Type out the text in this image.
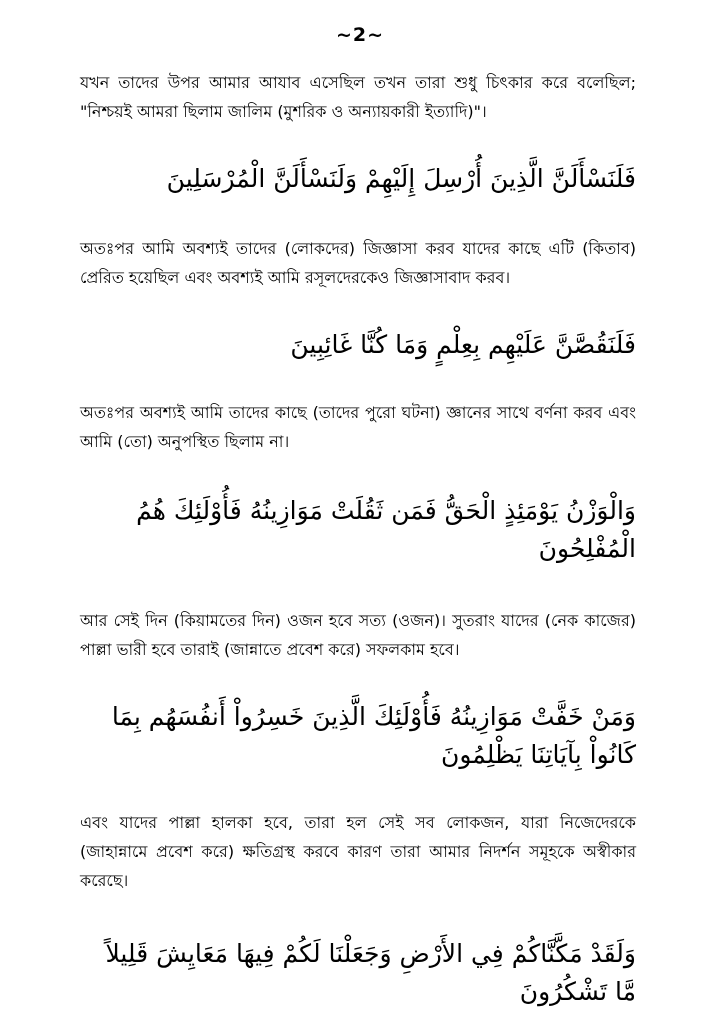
~2~

যখন তাদের উপর আমার আযাব এসেছিল তখন তারা শুধু চিৎকার করে বলেছিল; "নিশ্চয়ই আমরা ছিলাম জালিম (মুশরিক ও অন্যায়কারী ইত্যাদি)"।

فَلَنَسْأَلَنَّ الَّذِينَ أُرْسِلَ إِلَيْهِمْ وَلَنَسْأَلَنَّ الْمُرْسَلِينَ

অতঃপর আমি অবশ্যই তাদের (লোকদের) জিজ্ঞাসা করব যাদের কাছে এটি (কিতাব) প্রেরিত হয়েছিল এবং অবশ্যই আমি রসূলদেরকেও জিজ্ঞাসাবাদ করব।

فَلَنَقُصَّنَّ عَلَيْهِم بِعِلْمٍ وَمَا كُنَّا غَائِبِينَ

অতঃপর অবশ্যই আমি তাদের কাছে (তাদের পুরো ঘটনা) জ্ঞানের সাথে বর্ণনা করব এবং আমি (তো) অনুপস্থিত ছিলাম না।

وَالْوَزْنُ يَوْمَئِذٍ الْحَقُّ فَمَن ثَقُلَتْ مَوَازِينُهُ فَأُوْلَئِكَ هُمُ الْمُفْلِحُونَ

আর সেই দিন (কিয়ামতের দিন) ওজন হবে সত্য (ওজন)। সুতরাং যাদের (নেক কাজের) পাল্লা ভারী হবে তারাই (জান্নাতে প্রবেশ করে) সফলকাম হবে।

وَمَنْ خَفَّتْ مَوَازِينُهُ فَأُوْلَئِكَ الَّذِينَ خَسِرُواْ أَنفُسَهُم بِمَا كَانُواْ بِآيَاتِنَا يَظْلِمُونَ

এবং যাদের পাল্লা হালকা হবে, তারা হল সেই সব লোকজন, যারা নিজেদেরকে (জাহান্নামে প্রবেশ করে) ক্ষতিগ্রস্থ করবে কারণ তারা আমার নিদর্শন সমূহকে অস্বীকার করেছে।

وَلَقَدْ مَكَّنَّاكُمْ فِي الأَرْضِ وَجَعَلْنَا لَكُمْ فِيهَا مَعَايِشَ قَلِيلاً مَّا تَشْكُرُونَ
